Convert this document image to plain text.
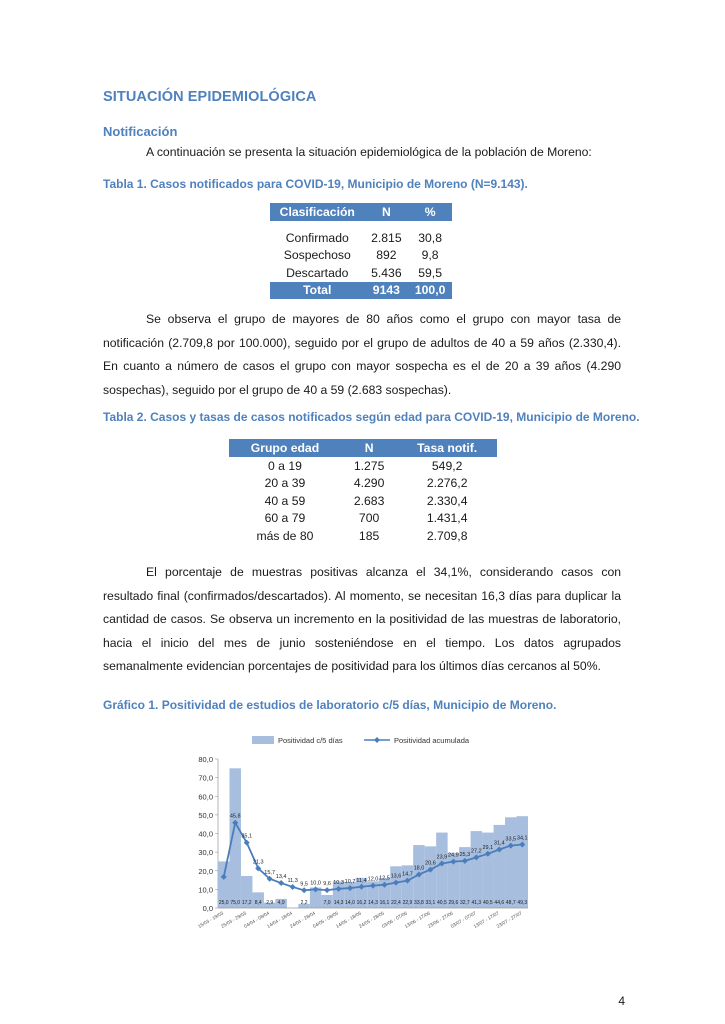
SITUACIÓN EPIDEMIOLÓGICA
Notificación
A continuación se presenta la situación epidemiológica de la población de Moreno:
Tabla 1. Casos notificados para COVID-19, Municipio de Moreno (N=9.143).
Clasificación	N	%

Confirmado	2.815	30,8
Sospechoso	892	9,8
Descartado	5.436	59,5
Total	9143	100,0
Se observa el grupo de mayores de 80 años como el grupo con mayor tasa de notificación (2.709,8 por 100.000), seguido por el grupo de adultos de 40 a 59 años (2.330,4). En cuanto a número de casos el grupo con mayor sospecha es el de 20 a 39 años (4.290 sospechas), seguido por el grupo de 40 a 59 (2.683 sospechas).
Tabla 2. Casos y tasas de casos notificados según edad para COVID-19, Municipio de Moreno.
Grupo edad	N	Tasa notif.
0 a 19	1.275	549,2
20 a 39	4.290	2.276,2
40 a 59	2.683	2.330,4
60 a 79	700	1.431,4
más de 80	185	2.709,8
El porcentaje de muestras positivas alcanza el 34,1%, considerando casos con resultado final (confirmados/descartados). Al momento, se necesitan 16,3 días para duplicar la cantidad de casos. Se observa un incremento en la positividad de las muestras de laboratorio, hacia el inicio del mes de junio sosteniéndose en el tiempo. Los datos agrupados semanalmente evidencian porcentajes de positividad para los últimos días cercanos al 50%.
Gráfico 1. Positividad de estudios de laboratorio c/5 días, Municipio de Moreno.
Positividad c/5 días	Positividad acumulada
0,0
10,0
20,0
30,0
40,0
50,0
60,0
70,0
80,0
25,0 75,0 17,2 8,4 2,9 4,9	2,2	7,0 14,3 14,0 16,2 14,3 16,1 22,4 22,9 33,8 33,1 40,5 29,6 32,7 41,3 40,5 44,6 48,7 49,3
45,8
35,1
21,3
15,7
13,4
11,3
9,5 10,0 9,6 10,3 10,7 11,4 12,0 12,5 13,6 14,7
18,0
20,6
23,9 24,9 25,3
27,2
29,1
31,4
33,5 34,1
15/03 - 19/03
25/03 - 29/03
04/04 - 08/04
14/04 - 18/04
24/04 - 28/04
04/05 - 08/05
14/05 - 18/05
24/05 - 28/05
03/06 - 07/06
13/06 - 17/06
23/06 - 27/06
03/07 - 07/07
13/07 - 17/07
23/07 - 27/07
4
